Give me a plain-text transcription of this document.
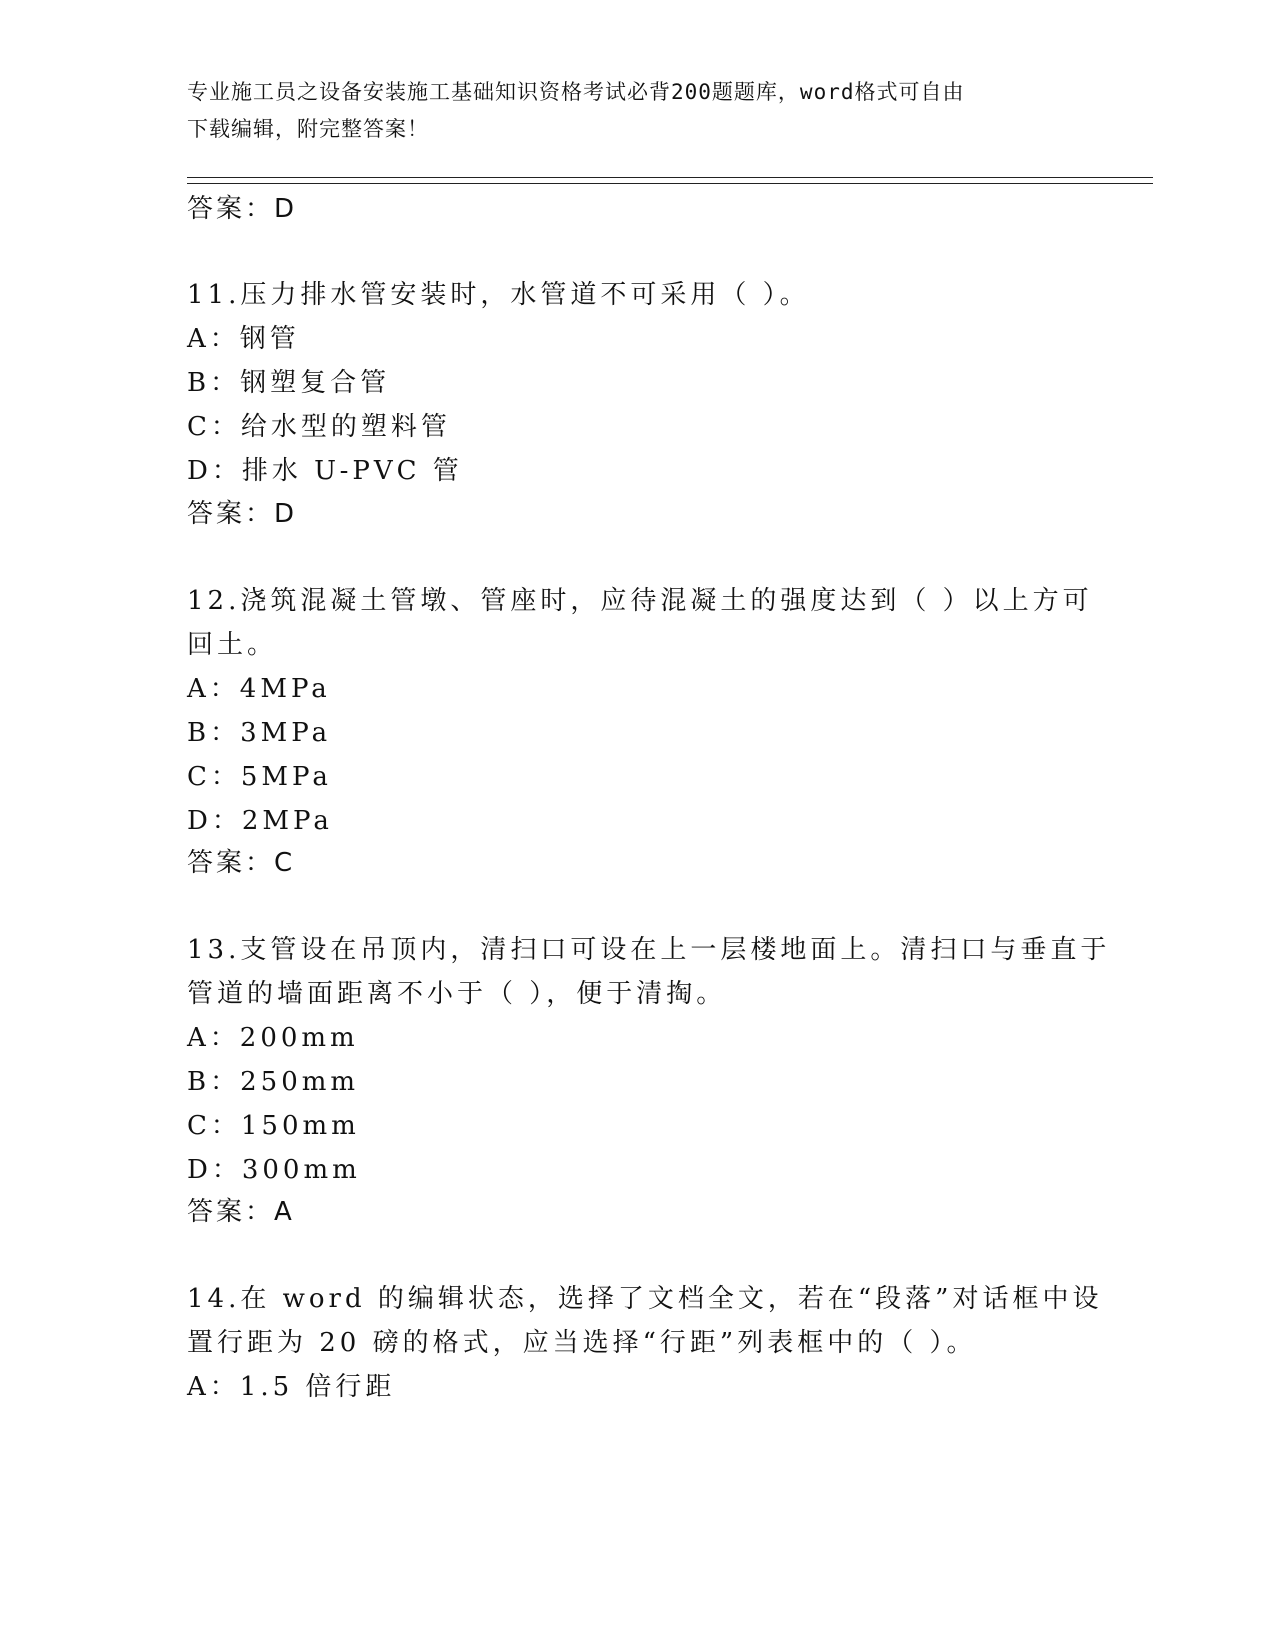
专业施工员之设备安装施工基础知识资格考试必背200题题库，word格式可自由
下载编辑，附完整答案！
答案：D
11.压力排水管安装时，水管道不可采用（ ）。
A：钢管
B：钢塑复合管
C：给水型的塑料管
D：排水 U-PVC 管
答案：D
12.浇筑混凝土管墩、管座时，应待混凝土的强度达到（ ）以上方可
回土。
A：4MPa
B：3MPa
C：5MPa
D：2MPa
答案：C
13.支管设在吊顶内，清扫口可设在上一层楼地面上。清扫口与垂直于
管道的墙面距离不小于（ ），便于清掏。
A：200mm
B：250mm
C：150mm
D：300mm
答案：A
14.在 word 的编辑状态，选择了文档全文，若在“段落”对话框中设
置行距为 20 磅的格式，应当选择“行距”列表框中的（ ）。
A：1.5 倍行距
